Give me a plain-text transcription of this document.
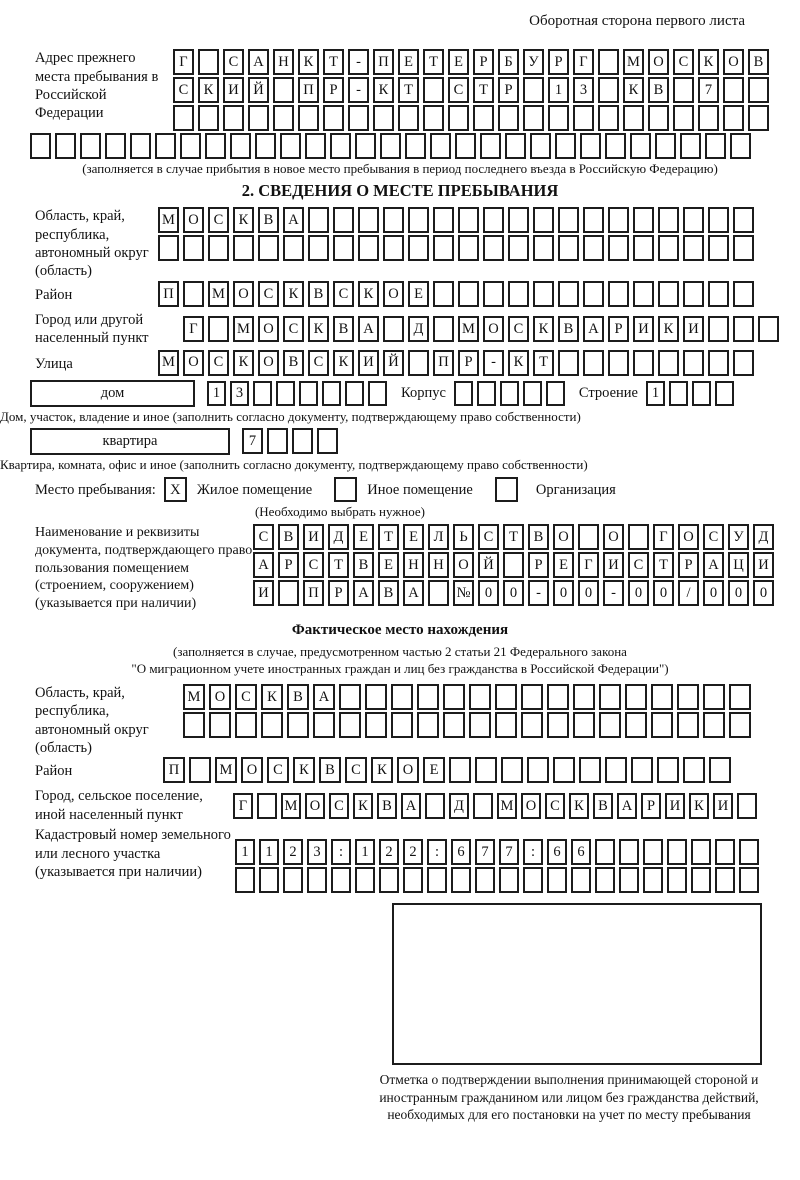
Оборотная сторона первого листа
Адрес прежнего места пребывания в Российской Федерации
Г	С	А	Н	К	Т	-	П	Е	Т	Е	Р	Б	У	Р	Г	М О	С	К	О	В
С	К	И	Й	П	Р	-	К	Т	С	Т	Р	1	3	К	В	7
(заполняется в случае прибытия в новое место пребывания в период последнего въезда в Российскую Федерацию)
2. СВЕДЕНИЯ О МЕСТЕ ПРЕБЫВАНИЯ
Область, край, республика, автономный округ (область)
М О	С	К	В	А
Район	П	М О	С	К	В	С	К	О	Е
Город или другой населенный пункт
Г	М О	С	К	В	А	Д	М О	С	К	В	А	Р	И	К	И
Улица	М О	С	К	О	В	С	К	И	Й	П	Р	-	К	Т
дом	1	3	Корпус	Строение 1
Дом, участок, владение и иное (заполнить согласно документу, подтверждающему право собственности)
квартира	7
Квартира, комната, офис и иное (заполнить согласно документу, подтверждающему право собственности)
Место пребывания: X	Жилое помещение	Иное помещение	Организация
(Необходимо выбрать нужное)
Наименование и реквизиты документа, подтверждающего право пользования помещением (строением, сооружением) (указывается при наличии)
С	В	И	Д	Е	Т	Е	Л	Ь	С	Т	В	О	О	Г	О	С	У	Д
А	Р	С	Т	В	Е	Н	Н	О	Й	Р	Е	Г	И	С	Т	Р	А	Ц	И
И	П	Р	А	В	А	№ 0	0	-	0	0	-	0	0	/	0	0	0
Фактическое место нахождения
(заполняется в случае, предусмотренном частью 2 статьи 21 Федерального закона
"О миграционном учете иностранных граждан и лиц без гражданства в Российской Федерации")
Область, край, республика, автономный округ (область)
М О	С	К	В	А
Район	П	М О	С	К	В	С	К	О	Е
Город, сельское поселение, иной населенный пункт
Г	М О С К В А	Д	М О С К В А	Р	И К И
Кадастровый номер земельного или лесного участка (указывается при наличии)
1	1	2	3	:	1	2	2	:	6	7	7	:	6	6
Отметка о подтверждении выполнения принимающей стороной и иностранным гражданином или лицом без гражданства действий, необходимых для его постановки на учет по месту пребывания
